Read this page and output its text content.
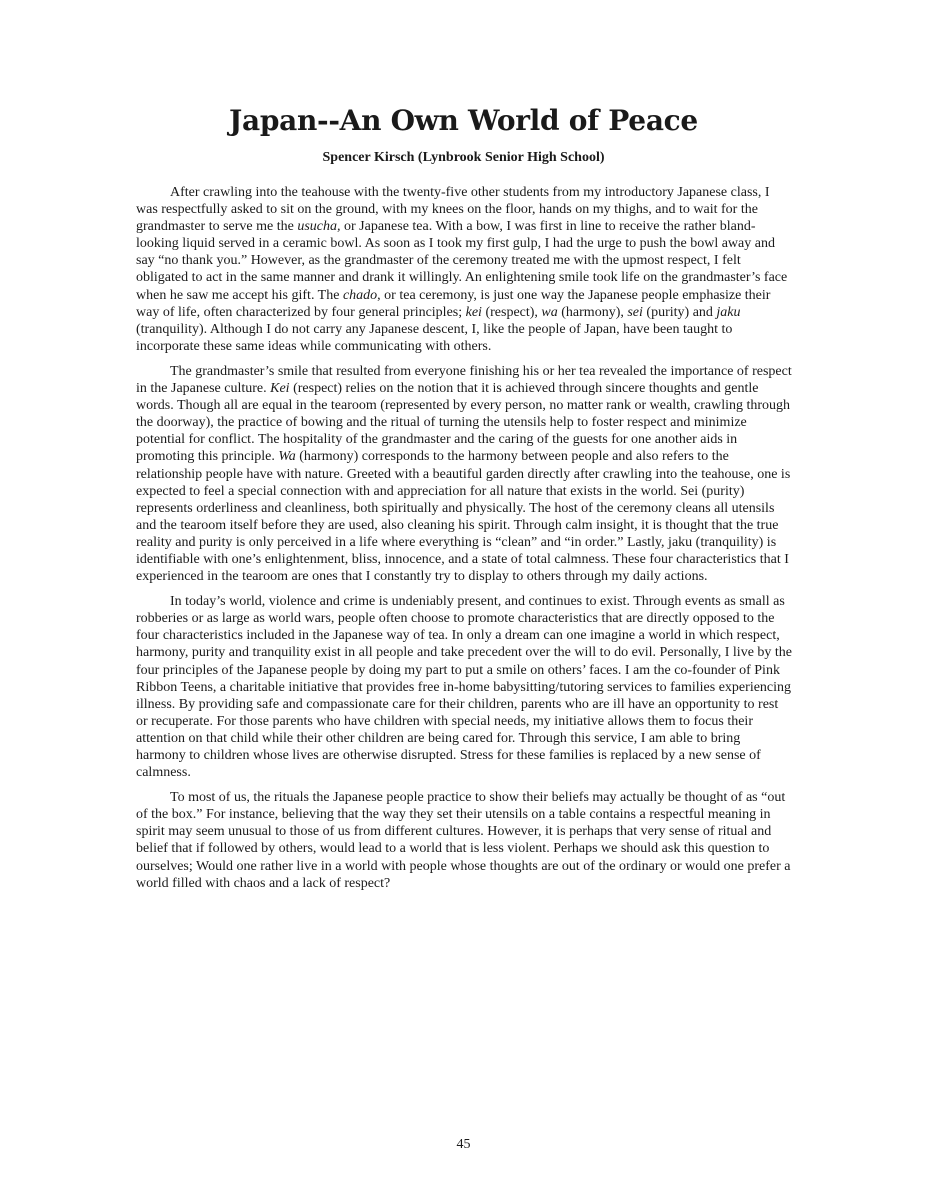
Japan--An Own World of Peace

Spencer Kirsch (Lynbrook Senior High School)

After crawling into the teahouse with the twenty-five other students from my introductory Japanese class, I was respectfully asked to sit on the ground, with my knees on the floor, hands on my thighs, and to wait for the grandmaster to serve me the usucha, or Japanese tea. With a bow, I was first in line to receive the rather bland-looking liquid served in a ceramic bowl. As soon as I took my first gulp, I had the urge to push the bowl away and say “no thank you.” However, as the grandmaster of the ceremony treated me with the upmost respect, I felt obligated to act in the same manner and drank it willingly. An enlightening smile took life on the grandmaster’s face when he saw me accept his gift. The chado, or tea ceremony, is just one way the Japanese people emphasize their way of life, often characterized by four general principles; kei (respect), wa (harmony), sei (purity) and jaku (tranquility). Although I do not carry any Japanese descent, I, like the people of Japan, have been taught to incorporate these same ideas while communicating with others.

The grandmaster’s smile that resulted from everyone finishing his or her tea revealed the importance of respect in the Japanese culture. Kei (respect) relies on the notion that it is achieved through sincere thoughts and gentle words. Though all are equal in the tearoom (represented by every person, no matter rank or wealth, crawling through the doorway), the practice of bowing and the ritual of turning the utensils help to foster respect and minimize potential for conflict. The hospitality of the grandmaster and the caring of the guests for one another aids in promoting this principle. Wa (harmony) corresponds to the harmony between people and also refers to the relationship people have with nature. Greeted with a beautiful garden directly after crawling into the teahouse, one is expected to feel a special connection with and appreciation for all nature that exists in the world. Sei (purity) represents orderliness and cleanliness, both spiritually and physically. The host of the ceremony cleans all utensils and the tearoom itself before they are used, also cleaning his spirit. Through calm insight, it is thought that the true reality and purity is only perceived in a life where everything is “clean” and “in order.” Lastly, jaku (tranquility) is identifiable with one’s enlightenment, bliss, innocence, and a state of total calmness. These four characteristics that I experienced in the tearoom are ones that I constantly try to display to others through my daily actions.

In today’s world, violence and crime is undeniably present, and continues to exist. Through events as small as robberies or as large as world wars, people often choose to promote characteristics that are directly opposed to the four characteristics included in the Japanese way of tea. In only a dream can one imagine a world in which respect, harmony, purity and tranquility exist in all people and take precedent over the will to do evil. Personally, I live by the four principles of the Japanese people by doing my part to put a smile on others’ faces. I am the co-founder of Pink Ribbon Teens, a charitable initiative that provides free in-home babysitting/tutoring services to families experiencing illness. By providing safe and compassionate care for their children, parents who are ill have an opportunity to rest or recuperate. For those parents who have children with special needs, my initiative allows them to focus their attention on that child while their other children are being cared for. Through this service, I am able to bring harmony to children whose lives are otherwise disrupted. Stress for these families is replaced by a new sense of calmness.

To most of us, the rituals the Japanese people practice to show their beliefs may actually be thought of as “out of the box.” For instance, believing that the way they set their utensils on a table contains a respectful meaning in spirit may seem unusual to those of us from different cultures. However, it is perhaps that very sense of ritual and belief that if followed by others, would lead to a world that is less violent. Perhaps we should ask this question to ourselves; Would one rather live in a world with people whose thoughts are out of the ordinary or would one prefer a world filled with chaos and a lack of respect?

45
